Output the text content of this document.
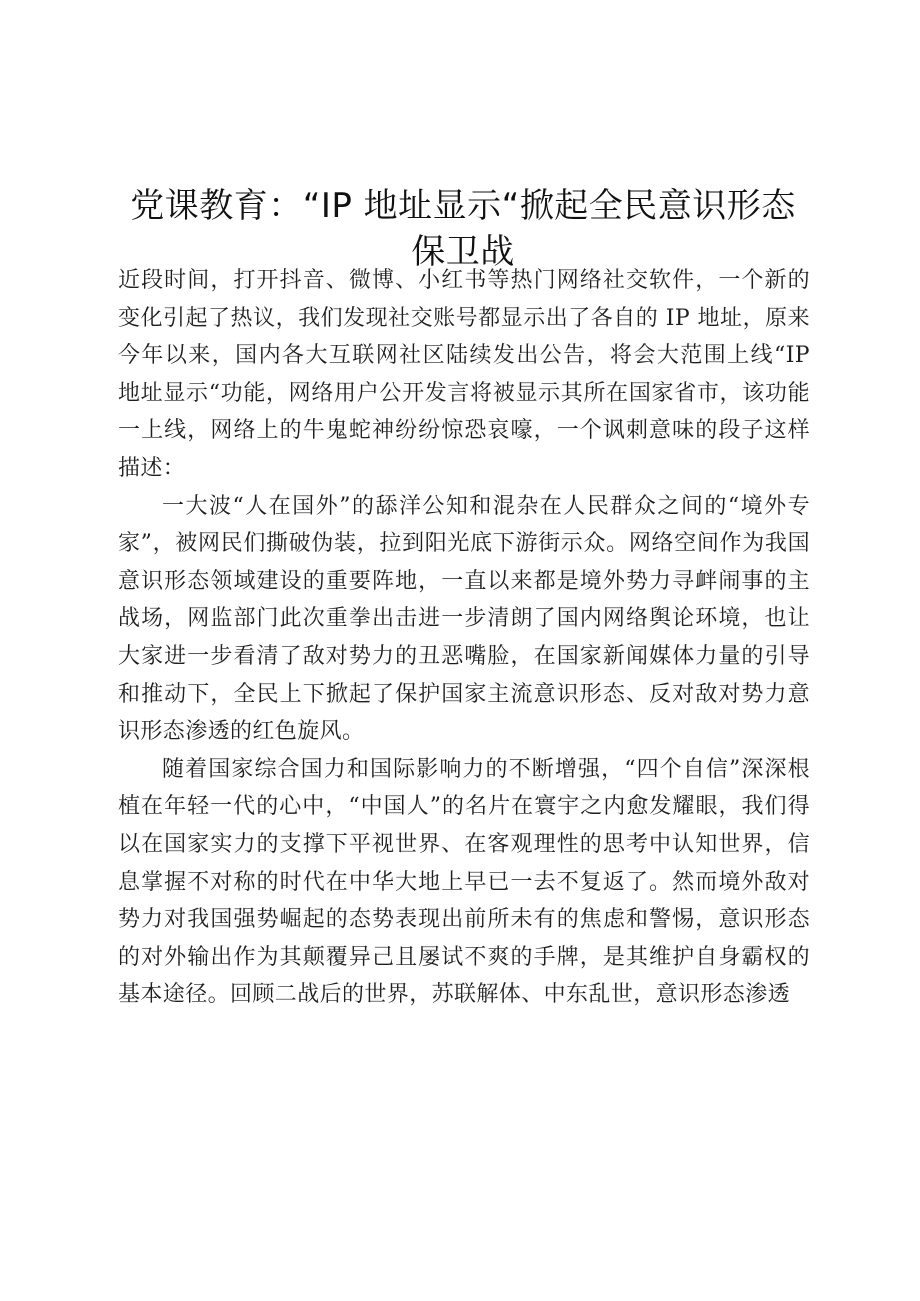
党课教育：“IP 地址显示“掀起全民意识形态保卫战

近段时间，打开抖音、微博、小红书等热门网络社交软件，一个新的变化引起了热议，我们发现社交账号都显示出了各自的 IP 地址，原来今年以来，国内各大互联网社区陆续发出公告，将会大范围上线“IP 地址显示“功能，网络用户公开发言将被显示其所在国家省市，该功能一上线，网络上的牛鬼蛇神纷纷惊恐哀嚎，一个讽刺意味的段子这样描述：

一大波“人在国外”的舔洋公知和混杂在人民群众之间的“境外专家”，被网民们撕破伪装，拉到阳光底下游街示众。网络空间作为我国意识形态领域建设的重要阵地，一直以来都是境外势力寻衅闹事的主战场，网监部门此次重拳出击进一步清朗了国内网络舆论环境，也让大家进一步看清了敌对势力的丑恶嘴脸，在国家新闻媒体力量的引导和推动下，全民上下掀起了保护国家主流意识形态、反对敌对势力意识形态渗透的红色旋风。

随着国家综合国力和国际影响力的不断增强，“四个自信”深深根植在年轻一代的心中，“中国人”的名片在寰宇之内愈发耀眼，我们得以在国家实力的支撑下平视世界、在客观理性的思考中认知世界，信息掌握不对称的时代在中华大地上早已一去不复返了。然而境外敌对势力对我国强势崛起的态势表现出前所未有的焦虑和警惕，意识形态的对外输出作为其颠覆异己且屡试不爽的手牌，是其维护自身霸权的基本途径。回顾二战后的世界，苏联解体、中东乱世，意识形态渗透
